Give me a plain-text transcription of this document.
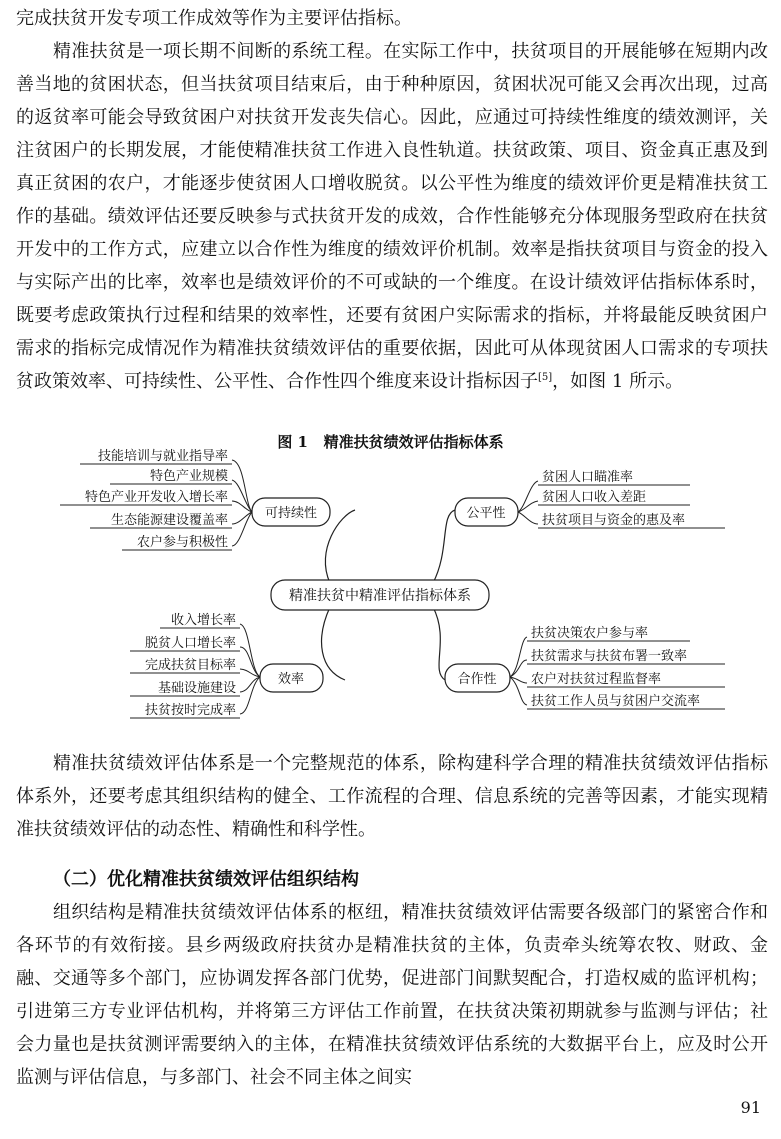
完成扶贫开发专项工作成效等作为主要评估指标。

精准扶贫是一项长期不间断的系统工程。在实际工作中，扶贫项目的开展能够在短期内改善当地的贫困状态，但当扶贫项目结束后，由于种种原因，贫困状况可能又会再次出现，过高的返贫率可能会导致贫困户对扶贫开发丧失信心。因此，应通过可持续性维度的绩效测评，关注贫困户的长期发展，才能使精准扶贫工作进入良性轨道。扶贫政策、项目、资金真正惠及到真正贫困的农户，才能逐步使贫困人口增收脱贫。以公平性为维度的绩效评价更是精准扶贫工作的基础。绩效评估还要反映参与式扶贫开发的成效，合作性能够充分体现服务型政府在扶贫开发中的工作方式，应建立以合作性为维度的绩效评价机制。效率是指扶贫项目与资金的投入与实际产出的比率，效率也是绩效评价的不可或缺的一个维度。在设计绩效评估指标体系时，既要考虑政策执行过程和结果的效率性，还要有贫困户实际需求的指标，并将最能反映贫困户需求的指标完成情况作为精准扶贫绩效评估的重要依据，因此可从体现贫困人口需求的专项扶贫政策效率、可持续性、公平性、合作性四个维度来设计指标因子[5]，如图 1 所示。

图 1 精准扶贫绩效评估指标体系
精准扶贫中精准评估指标体系
可持续性	公平性
效率	合作性
技能培训与就业指导率
特色产业规模
特色产业开发收入增长率
生态能源建设覆盖率
农户参与积极性
贫困人口瞄准率
贫困人口收入差距
扶贫项目与资金的惠及率
收入增长率
脱贫人口增长率
完成扶贫目标率
基础设施建设
扶贫按时完成率
扶贫决策农户参与率
扶贫需求与扶贫布署一致率
农户对扶贫过程监督率
扶贫工作人员与贫困户交流率

精准扶贫绩效评估体系是一个完整规范的体系，除构建科学合理的精准扶贫绩效评估指标体系外，还要考虑其组织结构的健全、工作流程的合理、信息系统的完善等因素，才能实现精准扶贫绩效评估的动态性、精确性和科学性。

（二）优化精准扶贫绩效评估组织结构

组织结构是精准扶贫绩效评估体系的枢纽，精准扶贫绩效评估需要各级部门的紧密合作和各环节的有效衔接。县乡两级政府扶贫办是精准扶贫的主体，负责牵头统筹农牧、财政、金融、交通等多个部门，应协调发挥各部门优势，促进部门间默契配合，打造权威的监评机构；引进第三方专业评估机构，并将第三方评估工作前置，在扶贫决策初期就参与监测与评估；社会力量也是扶贫测评需要纳入的主体，在精准扶贫绩效评估系统的大数据平台上，应及时公开监测与评估信息，与多部门、社会不同主体之间实

91
